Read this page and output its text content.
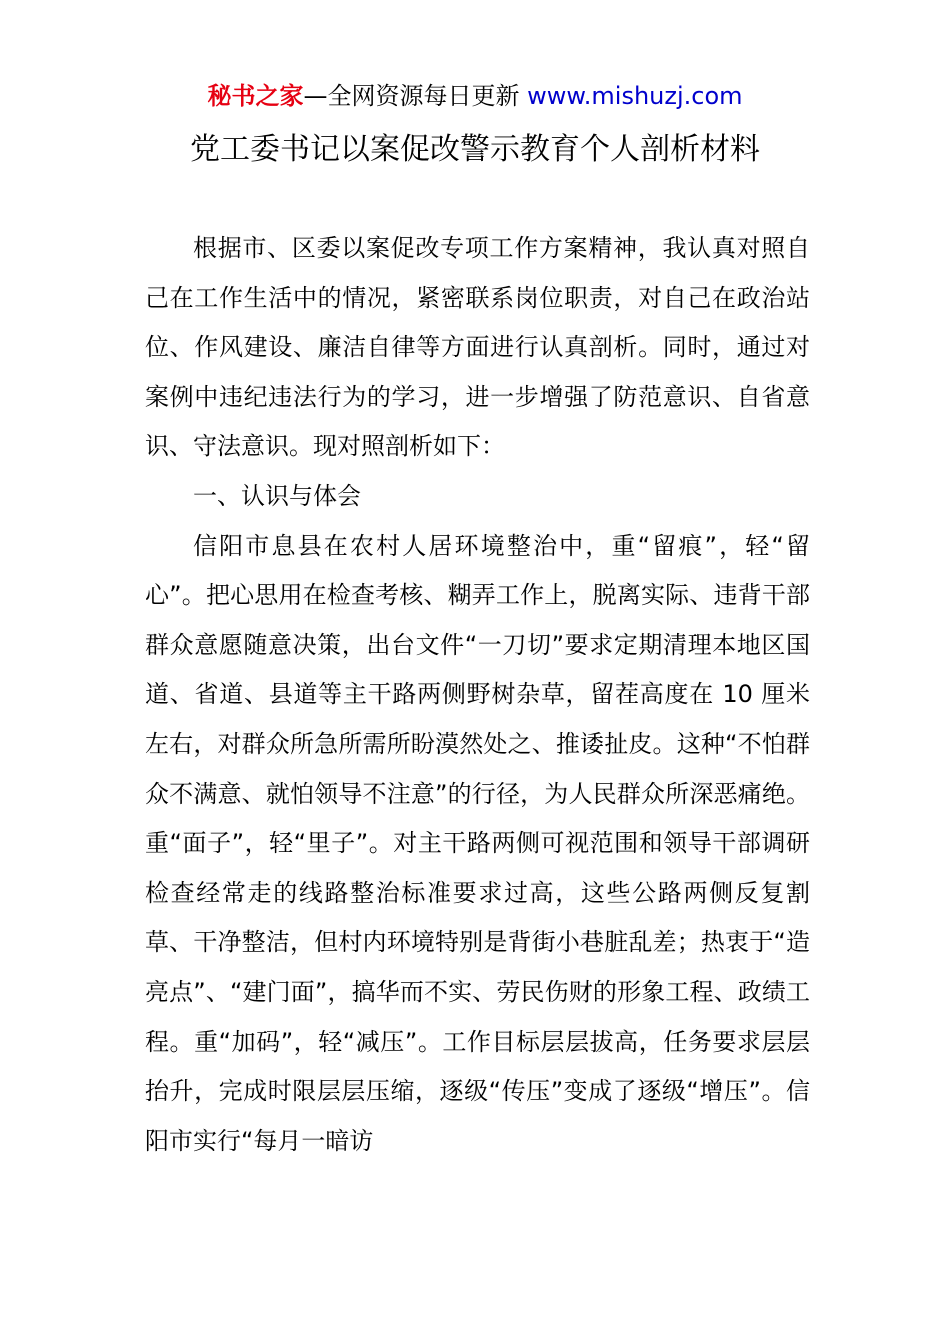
秘书之家—全网资源每日更新 www.mishuzj.com
党工委书记以案促改警示教育个人剖析材料

根据市、区委以案促改专项工作方案精神，我认真对照自己在工作生活中的情况，紧密联系岗位职责，对自己在政治站位、作风建设、廉洁自律等方面进行认真剖析。同时，通过对案例中违纪违法行为的学习，进一步增强了防范意识、自省意识、守法意识。现对照剖析如下：

一、认识与体会

信阳市息县在农村人居环境整治中，重“留痕”，轻“留心”。把心思用在检查考核、糊弄工作上，脱离实际、违背干部群众意愿随意决策，出台文件“一刀切”要求定期清理本地区国道、省道、县道等主干路两侧野树杂草，留茬高度在 10 厘米左右，对群众所急所需所盼漠然处之、推诿扯皮。这种“不怕群众不满意、就怕领导不注意”的行径，为人民群众所深恶痛绝。重“面子”，轻“里子”。对主干路两侧可视范围和领导干部调研检查经常走的线路整治标准要求过高，这些公路两侧反复割草、干净整洁，但村内环境特别是背街小巷脏乱差；热衷于“造亮点”、“建门面”，搞华而不实、劳民伤财的形象工程、政绩工程。重“加码”，轻“减压”。工作目标层层拔高，任务要求层层抬升，完成时限层层压缩，逐级“传压”变成了逐级“增压”。信阳市实行“每月一暗访
